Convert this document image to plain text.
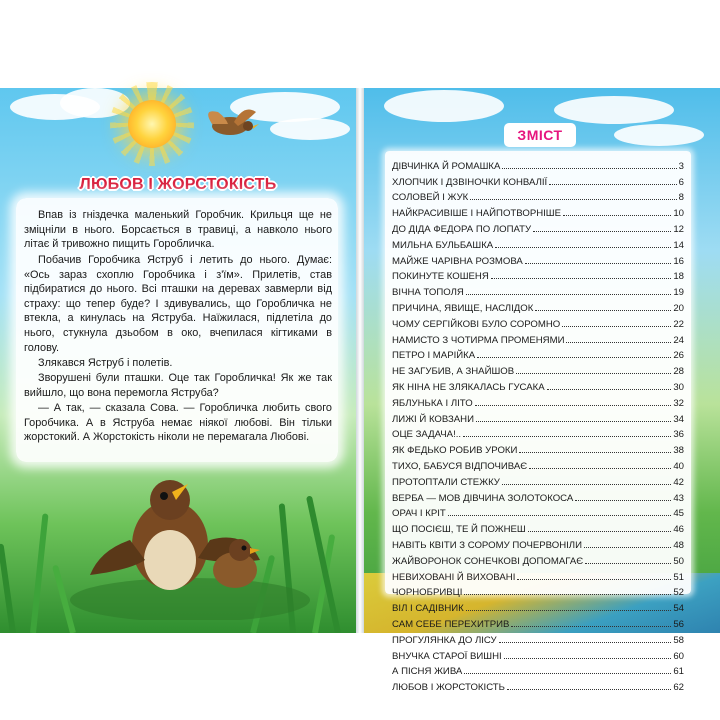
ЛЮБОВ І ЖОРСТОКІСТЬ

Впав із гніздечка маленький Горобчик. Крильця ще не зміцніли в нього. Борсається в травиці, а навколо нього літає й тривожно пищить Горобличка.

Побачив Горобчика Яструб і летить до нього. Думає: «Ось зараз схоплю Горобчика і з'їм». Прилетів, став підбиратися до нього. Всі пташки на деревах завмерли від страху: що тепер буде? І здивувались, що Горобличка не втекла, а кинулась на Яструба. Наїжилася, підлетіла до нього, стукнула дзьобом в око, вчепилася кігтиками в голову.

Злякався Яструб і полетів.

Зворушені були пташки. Оце так Горобличка! Як же так вийшло, що вона перемогла Яструба?

— А так, — сказала Сова. — Горобличка любить свого Горобчика. А в Яструба немає ніякої любові. Він тільки жорстокий. А Жорстокість ніколи не перемагала Любові.

ЗМІСТ
ДІВЧИНКА Й РОМАШКА	3
ХЛОПЧИК І ДЗВІНОЧКИ КОНВАЛІЇ	6
СОЛОВЕЙ І ЖУК	8
НАЙКРАСИВІШЕ І НАЙПОТВОРНІШЕ	10
ДО ДІДА ФЕДОРА ПО ЛОПАТУ	12
МИЛЬНА БУЛЬБАШКА	14
МАЙЖЕ ЧАРІВНА РОЗМОВА	16
ПОКИНУТЕ КОШЕНЯ	18
ВІЧНА ТОПОЛЯ	19
ПРИЧИНА, ЯВИЩЕ, НАСЛІДОК	20
ЧОМУ СЕРГІЙКОВІ БУЛО СОРОМНО	22
НАМИСТО З ЧОТИРМА ПРОМЕНЯМИ	24
ПЕТРО І МАРІЙКА	26
НЕ ЗАГУБИВ, А ЗНАЙШОВ	28
ЯК НІНА НЕ ЗЛЯКАЛАСЬ ГУСАКА	30
ЯБЛУНЬКА І ЛІТО	32
ЛИЖІ Й КОВЗАНИ	34
ОЦЕ ЗАДАЧА!..	36
ЯК ФЕДЬКО РОБИВ УРОКИ	38
ТИХО, БАБУСЯ ВІДПОЧИВАЄ	40
ПРОТОПТАЛИ СТЕЖКУ	42
ВЕРБА — МОВ ДІВЧИНА ЗОЛОТОКОСА	43
ОРАЧ І КРІТ	45
ЩО ПОСІЄШ, ТЕ Й ПОЖНЕШ	46
НАВІТЬ КВІТИ З СОРОМУ ПОЧЕРВОНІЛИ	48
ЖАЙВОРОНОК СОНЕЧКОВІ ДОПОМАГАЄ	50
НЕВИХОВАНІ Й ВИХОВАНІ	51
ЧОРНОБРИВЦІ	52
ВІЛ І САДІВНИК	54
САМ СЕБЕ ПЕРЕХИТРИВ	56
ПРОГУЛЯНКА ДО ЛІСУ	58
ВНУЧКА СТАРОЇ ВИШНІ	60
А ПІСНЯ ЖИВА	61
ЛЮБОВ І ЖОРСТОКІСТЬ	62
